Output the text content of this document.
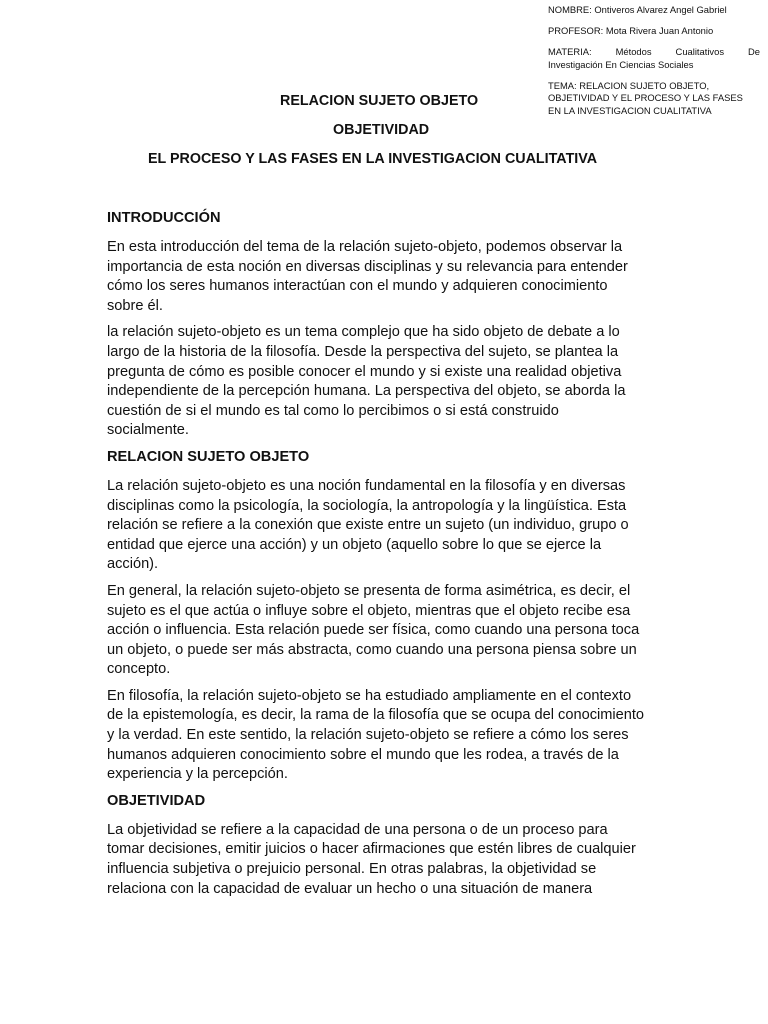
NOMBRE: Ontiveros Alvarez Angel Gabriel
PROFESOR: Mota Rivera Juan Antonio
MATERIA:	Métodos	Cualitativos	De
Investigación En Ciencias Sociales
TEMA: RELACION SUJETO OBJETO,
OBJETIVIDAD Y EL PROCESO Y LAS FASES
EN LA INVESTIGACION CUALITATIVA
RELACION SUJETO OBJETO
OBJETIVIDAD
EL PROCESO Y LAS FASES EN LA INVESTIGACION CUALITATIVA
INTRODUCCIÓN
En esta introducción del tema de la relación sujeto-objeto, podemos observar la
importancia de esta noción en diversas disciplinas y su relevancia para entender
cómo los seres humanos interactúan con el mundo y adquieren conocimiento
sobre él.
la relación sujeto-objeto es un tema complejo que ha sido objeto de debate a lo
largo de la historia de la filosofía. Desde la perspectiva del sujeto, se plantea la
pregunta de cómo es posible conocer el mundo y si existe una realidad objetiva
independiente de la percepción humana. La perspectiva del objeto, se aborda la
cuestión de si el mundo es tal como lo percibimos o si está construido
socialmente.
RELACION SUJETO OBJETO
La relación sujeto-objeto es una noción fundamental en la filosofía y en diversas
disciplinas como la psicología, la sociología, la antropología y la lingüística. Esta
relación se refiere a la conexión que existe entre un sujeto (un individuo, grupo o
entidad que ejerce una acción) y un objeto (aquello sobre lo que se ejerce la
acción).
En general, la relación sujeto-objeto se presenta de forma asimétrica, es decir, el
sujeto es el que actúa o influye sobre el objeto, mientras que el objeto recibe esa
acción o influencia. Esta relación puede ser física, como cuando una persona toca
un objeto, o puede ser más abstracta, como cuando una persona piensa sobre un
concepto.
En filosofía, la relación sujeto-objeto se ha estudiado ampliamente en el contexto
de la epistemología, es decir, la rama de la filosofía que se ocupa del conocimiento
y la verdad. En este sentido, la relación sujeto-objeto se refiere a cómo los seres
humanos adquieren conocimiento sobre el mundo que les rodea, a través de la
experiencia y la percepción.
OBJETIVIDAD
La objetividad se refiere a la capacidad de una persona o de un proceso para
tomar decisiones, emitir juicios o hacer afirmaciones que estén libres de cualquier
influencia subjetiva o prejuicio personal. En otras palabras, la objetividad se
relaciona con la capacidad de evaluar un hecho o una situación de manera
